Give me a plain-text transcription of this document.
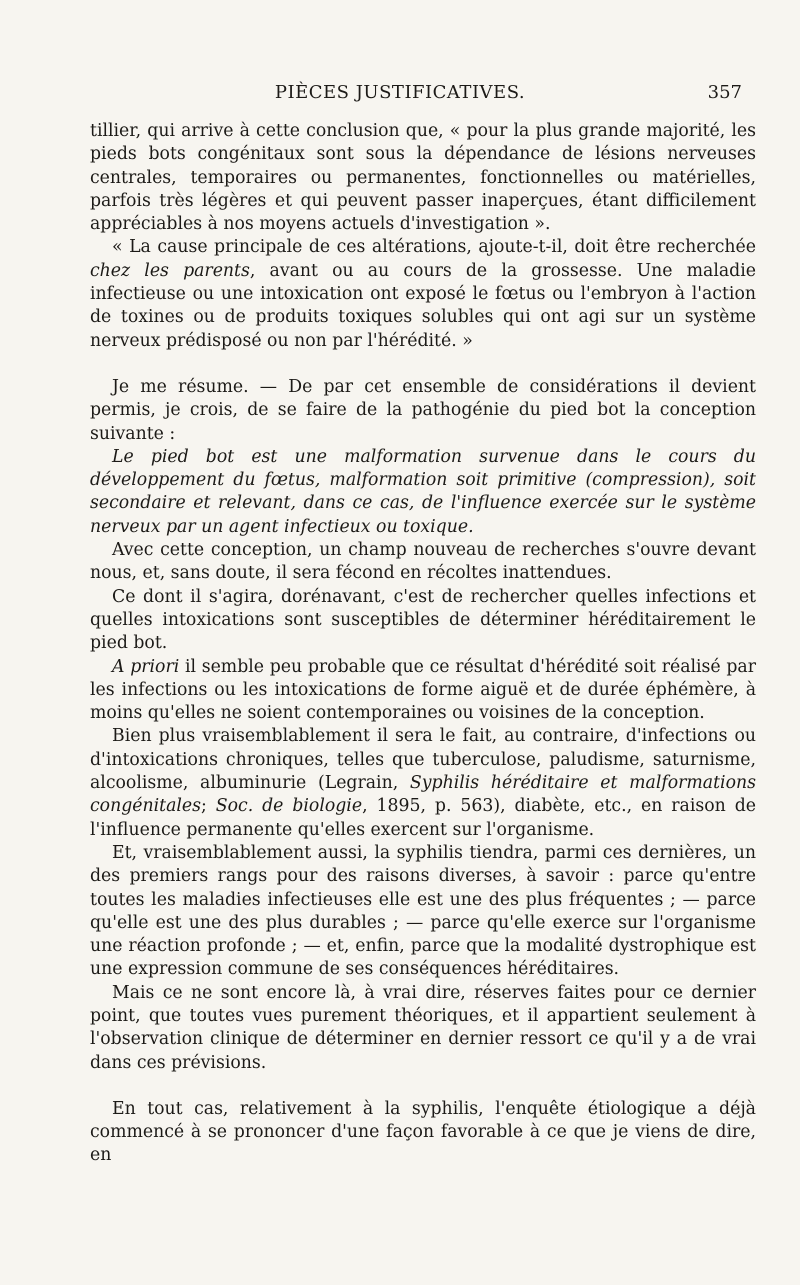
PIÈCES JUSTIFICATIVES.	357

tillier, qui arrive à cette conclusion que, « pour la plus grande majorité, les pieds bots congénitaux sont sous la dépendance de lésions nerveuses centrales, temporaires ou permanentes, fonctionnelles ou matérielles, parfois très légères et qui peuvent passer inaperçues, étant difficilement appréciables à nos moyens actuels d'investigation ».

« La cause principale de ces altérations, ajoute-t-il, doit être recherchée chez les parents, avant ou au cours de la grossesse. Une maladie infectieuse ou une intoxication ont exposé le fœtus ou l'embryon à l'action de toxines ou de produits toxiques solubles qui ont agi sur un système nerveux prédisposé ou non par l'hérédité. »

Je me résume. — De par cet ensemble de considérations il devient permis, je crois, de se faire de la pathogénie du pied bot la conception suivante :

Le pied bot est une malformation survenue dans le cours du développement du fœtus, malformation soit primitive (compression), soit secondaire et relevant, dans ce cas, de l'influence exercée sur le système nerveux par un agent infectieux ou toxique.

Avec cette conception, un champ nouveau de recherches s'ouvre devant nous, et, sans doute, il sera fécond en récoltes inattendues.

Ce dont il s'agira, dorénavant, c'est de rechercher quelles infections et quelles intoxications sont susceptibles de déterminer héréditairement le pied bot.

A priori il semble peu probable que ce résultat d'hérédité soit réalisé par les infections ou les intoxications de forme aiguë et de durée éphémère, à moins qu'elles ne soient contemporaines ou voisines de la conception.

Bien plus vraisemblablement il sera le fait, au contraire, d'infections ou d'intoxications chroniques, telles que tuberculose, paludisme, saturnisme, alcoolisme, albuminurie (Legrain, Syphilis héréditaire et malformations congénitales; Soc. de biologie, 1895, p. 563), diabète, etc., en raison de l'influence permanente qu'elles exercent sur l'organisme.

Et, vraisemblablement aussi, la syphilis tiendra, parmi ces dernières, un des premiers rangs pour des raisons diverses, à savoir : parce qu'entre toutes les maladies infectieuses elle est une des plus fréquentes ; — parce qu'elle est une des plus durables ; — parce qu'elle exerce sur l'organisme une réaction profonde ; — et, enfin, parce que la modalité dystrophique est une expression commune de ses conséquences héréditaires.

Mais ce ne sont encore là, à vrai dire, réserves faites pour ce dernier point, que toutes vues purement théoriques, et il appartient seulement à l'observation clinique de déterminer en dernier ressort ce qu'il y a de vrai dans ces prévisions.

En tout cas, relativement à la syphilis, l'enquête étiologique a déjà commencé à se prononcer d'une façon favorable à ce que je viens de dire, en
